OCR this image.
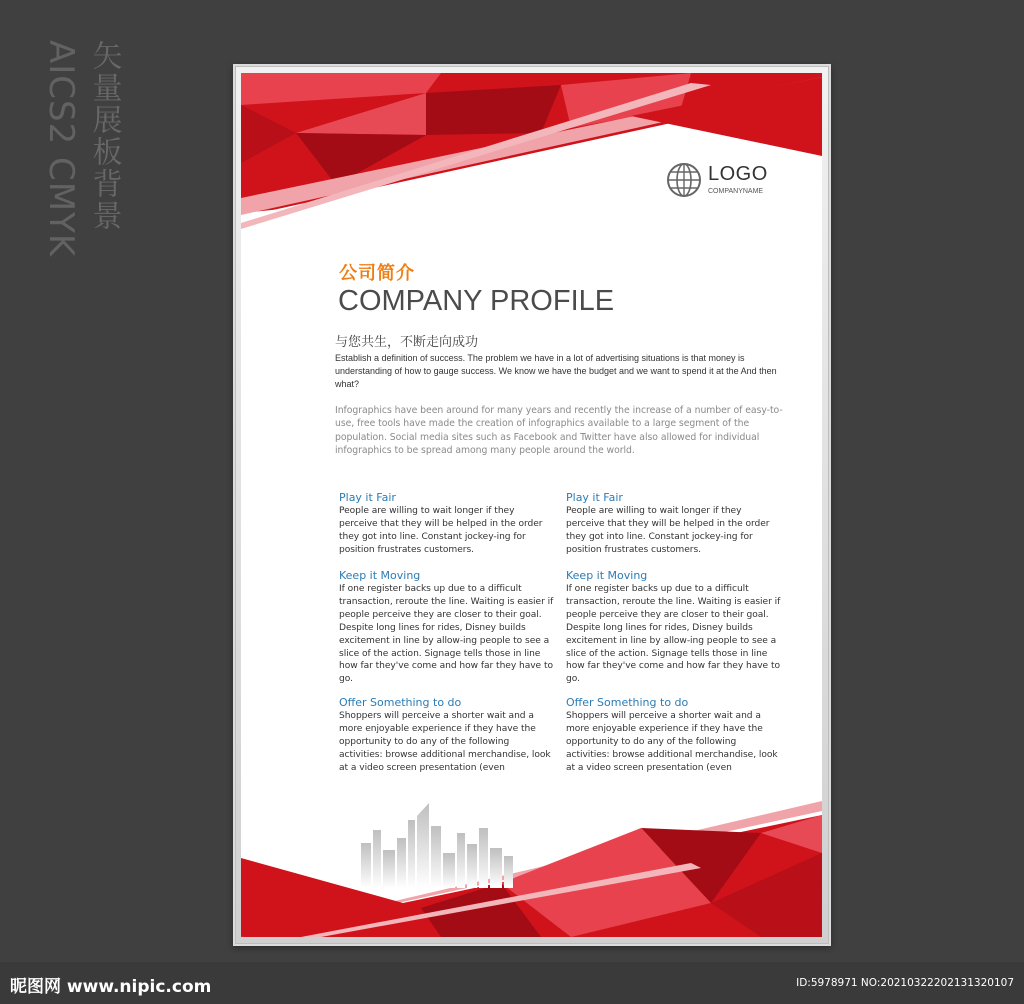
AICS2 CMYK 矢量展板背景	LOGO
COMPANYNAME
公司简介
COMPANY PROFILE
与您共生，不断走向成功
Establish a definition of success. The problem we have in a lot of advertising situations is that money is understanding of how to gauge success. We know we have the budget and we want to spend it at the And then what?
Infographics have been around for many years and recently the increase of a number of easy-to-use, free tools have made the creation of infographics available to a large segment of the population. Social media sites such as Facebook and Twitter have also allowed for individual infographics to be spread among many people around the world.
Play it Fair

People are willing to wait longer if they perceive that they will be helped in the order they got into line. Constant jockey-ing for position frustrates customers.

Keep it Moving

If one register backs up due to a difficult transaction, reroute the line. Waiting is easier if people perceive they are closer to their goal. Despite long lines for rides, Disney builds excitement in line by allow-ing people to see a slice of the action. Signage tells those in line how far they've come and how far they have to go.

Offer Something to do

Shoppers will perceive a shorter wait and a more enjoyable experience if they have the opportunity to do any of the following activities: browse additional merchandise, look at a video screen presentation (even

Play it Fair

People are willing to wait longer if they perceive that they will be helped in the order they got into line. Constant jockey-ing for position frustrates customers.

Keep it Moving

If one register backs up due to a difficult transaction, reroute the line. Waiting is easier if people perceive they are closer to their goal. Despite long lines for rides, Disney builds excitement in line by allow-ing people to see a slice of the action. Signage tells those in line how far they've come and how far they have to go.

Offer Something to do

Shoppers will perceive a shorter wait and a more enjoyable experience if they have the opportunity to do any of the following activities: browse additional merchandise, look at a video screen presentation (even

昵图网 www.nipic.com	ID:5978971 NO:20210322202131320107
